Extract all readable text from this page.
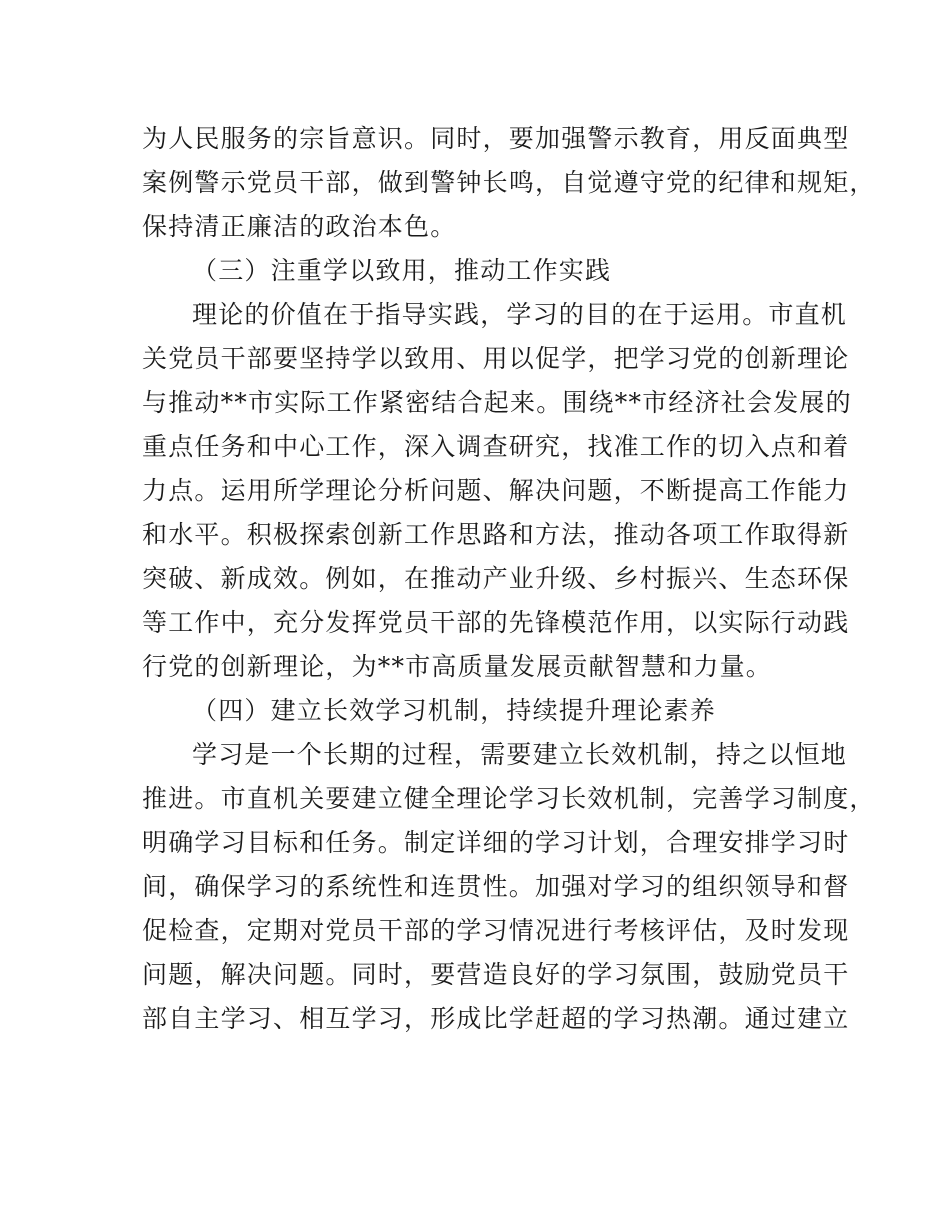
为人民服务的宗旨意识。同时，要加强警示教育，用反面典型
案例警示党员干部，做到警钟长鸣，自觉遵守党的纪律和规矩，
保持清正廉洁的政治本色。
（三）注重学以致用，推动工作实践
理论的价值在于指导实践，学习的目的在于运用。市直机
关党员干部要坚持学以致用、用以促学，把学习党的创新理论
与推动**市实际工作紧密结合起来。围绕**市经济社会发展的
重点任务和中心工作，深入调查研究，找准工作的切入点和着
力点。运用所学理论分析问题、解决问题，不断提高工作能力
和水平。积极探索创新工作思路和方法，推动各项工作取得新
突破、新成效。例如，在推动产业升级、乡村振兴、生态环保
等工作中，充分发挥党员干部的先锋模范作用，以实际行动践
行党的创新理论，为**市高质量发展贡献智慧和力量。
（四）建立长效学习机制，持续提升理论素养
学习是一个长期的过程，需要建立长效机制，持之以恒地
推进。市直机关要建立健全理论学习长效机制，完善学习制度，
明确学习目标和任务。制定详细的学习计划，合理安排学习时
间，确保学习的系统性和连贯性。加强对学习的组织领导和督
促检查，定期对党员干部的学习情况进行考核评估，及时发现
问题，解决问题。同时，要营造良好的学习氛围，鼓励党员干
部自主学习、相互学习，形成比学赶超的学习热潮。通过建立
